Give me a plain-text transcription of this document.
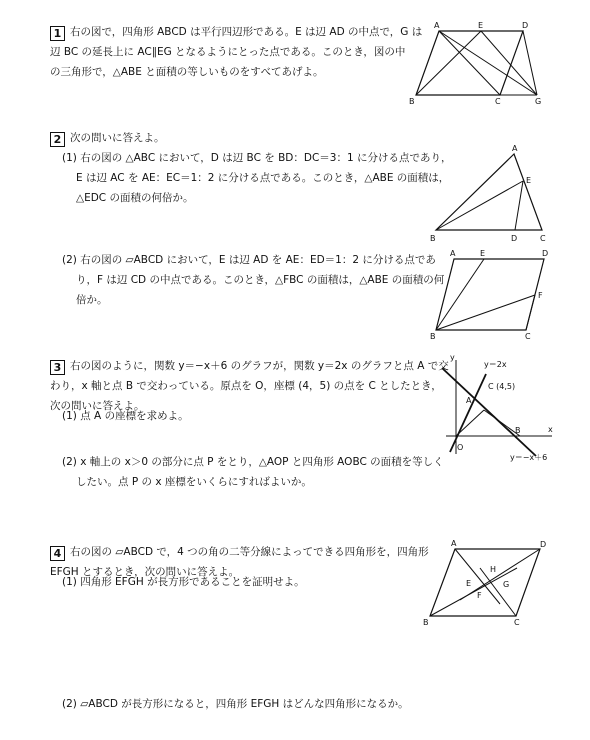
1 右の図で，四角形 ABCD は平行四辺形である。E は辺 AD の中点で，G は
辺 BC の延長上に AC∥EG となるようにとった点である。このとき，図の中
の三角形で，△ABE と面積の等しいものをすべてあげよ。
A	E	D
B	C	G
2 次の問いに答えよ。
(1) 右の図の △ABC において，D は辺 BC を BD：DC＝3：1 に分ける点であり，
E は辺 AC を AE：EC＝1：2 に分ける点である。このとき，△ABE の面積は，
△EDC の面積の何倍か。
A
E
B	D	C
(2) 右の図の ▱ABCD において，E は辺 AD を AE：ED＝1：2 に分ける点であ
り，F は辺 CD の中点である。このとき，△FBC の面積は，△ABE の面積の何
倍か。
A	E	D
F
B	C
3 右の図のように，関数 y＝−x＋6 のグラフが，関数 y＝2x のグラフと点 A で交
わり，x 軸と点 B で交わっている。原点を O，座標 (4，5) の点を C としたとき，
次の問いに答えよ。
(1) 点 A の座標を求めよ。
(2) x 軸上の x＞0 の部分に点 P をとり，△AOP と四角形 AOBC の面積を等しく
したい。点 P の x 座標をいくらにすればよいか。
y
x
O
A
B
C (4,5)
y＝2x
y＝−x＋6
4 右の図の ▱ABCD で，4 つの角の二等分線によってできる四角形を，四角形
EFGH とするとき，次の問いに答えよ。
(1) 四角形 EFGH が長方形であることを証明せよ。
(2) ▱ABCD が長方形になると，四角形 EFGH はどんな四角形になるか。
A	D
B	C
E
H
F
G
